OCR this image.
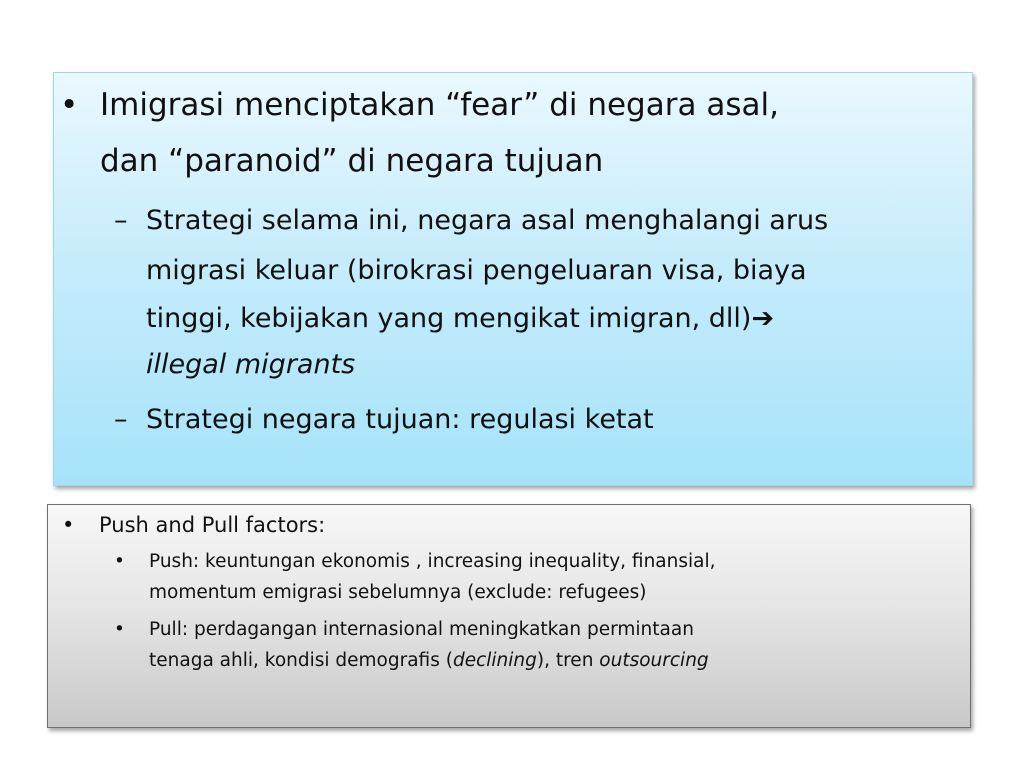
• Imigrasi menciptakan “fear” di negara asal,
dan “paranoid” di negara tujuan
– Strategi selama ini, negara asal menghalangi arus
migrasi keluar (birokrasi pengeluaran visa, biaya
tinggi, kebijakan yang mengikat imigran, dll)➔
illegal migrants
– Strategi negara tujuan: regulasi ketat
• Push and Pull factors:
• Push: keuntungan ekonomis , increasing inequality, finansial,
momentum emigrasi sebelumnya (exclude: refugees)
• Pull: perdagangan internasional meningkatkan permintaan
tenaga ahli, kondisi demografis (declining), tren outsourcing
